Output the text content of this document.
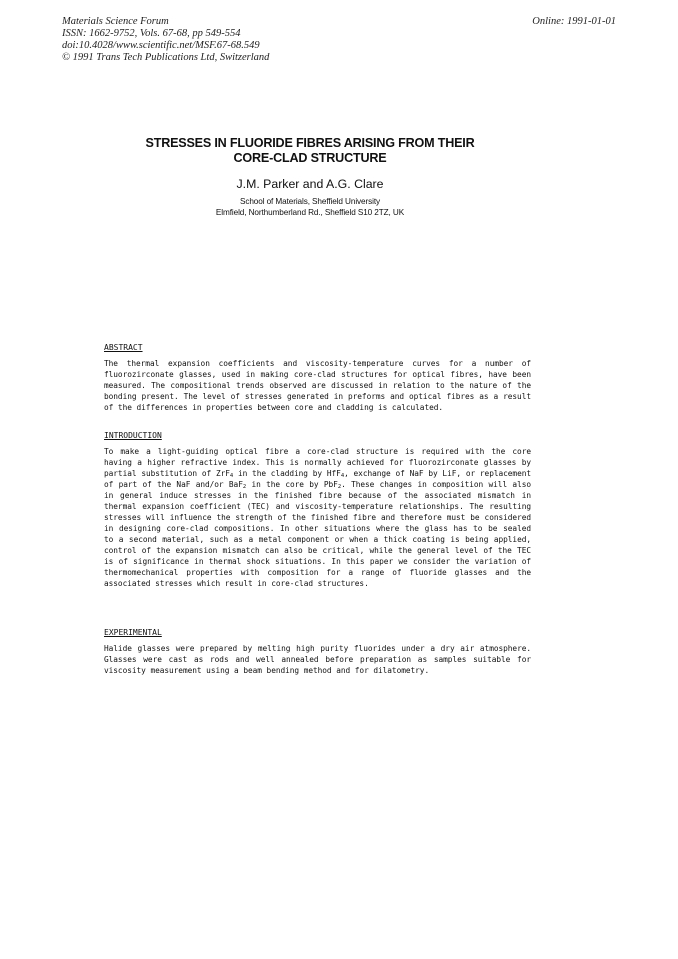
Materials Science Forum
ISSN: 1662-9752, Vols. 67-68, pp 549-554
doi:10.4028/www.scientific.net/MSF.67-68.549
© 1991 Trans Tech Publications Ltd, Switzerland
Online: 1991-01-01
STRESSES IN FLUORIDE FIBRES ARISING FROM THEIR
CORE-CLAD STRUCTURE
J.M. Parker and A.G. Clare
School of Materials, Sheffield University
Elmfield, Northumberland Rd., Sheffield S10 2TZ, UK

ABSTRACT

The thermal expansion coefficients and viscosity-temperature curves for a number of fluorozirconate glasses, used in making core-clad structures for optical fibres, have been measured. The compositional trends observed are discussed in relation to the nature of the bonding present. The level of stresses generated in preforms and optical fibres as a result of the differences in properties between core and cladding is calculated.

INTRODUCTION

To make a light-guiding optical fibre a core-clad structure is required with the core having a higher refractive index. This is normally achieved for fluorozirconate glasses by partial substitution of ZrF$_4$ in the cladding by HfF$_4$, exchange of NaF by LiF, or replacement of part of the NaF and/or BaF$_2$ in the core by PbF$_2$. These changes in composition will also in general induce stresses in the finished fibre because of the associated mismatch in thermal expansion coefficient (TEC) and viscosity-temperature relationships. The resulting stresses will influence the strength of the finished fibre and therefore must be considered in designing core-clad compositions. In other situations where the glass has to be sealed to a second material, such as a metal component or when a thick coating is being applied, control of the expansion mismatch can also be critical, while the general level of the TEC is of significance in thermal shock situations. In this paper we consider the variation of thermomechanical properties with composition for a range of fluoride glasses and the associated stresses which result in core-clad structures.

EXPERIMENTAL

Halide glasses were prepared by melting high purity fluorides under a dry air atmosphere. Glasses were cast as rods and well annealed before preparation as samples suitable for viscosity measurement using a beam bending method and for dilatometry.
